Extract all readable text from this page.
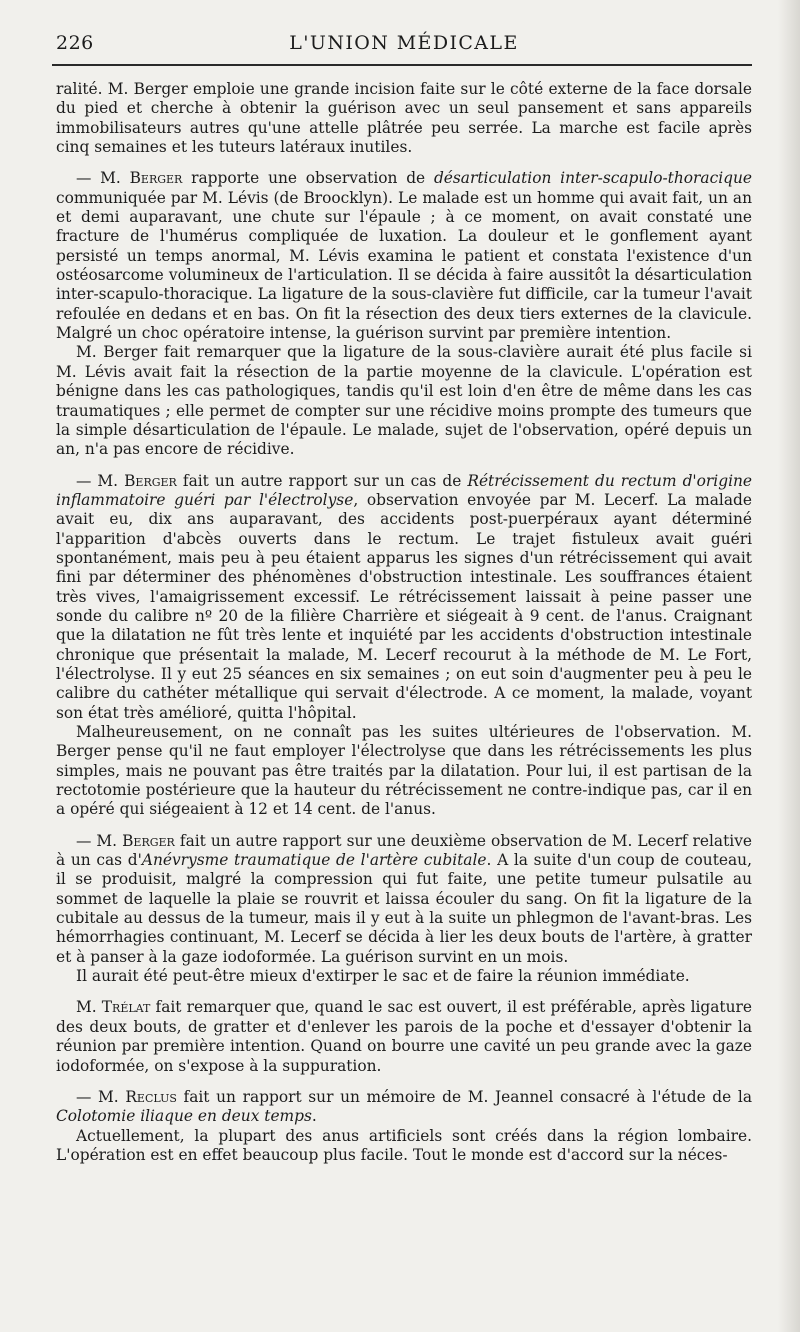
226	L'UNION MÉDICALE

ralité. M. Berger emploie une grande incision faite sur le côté externe de la face dorsale du pied et cherche à obtenir la guérison avec un seul pansement et sans appareils immobilisateurs autres qu'une attelle plâtrée peu serrée. La marche est facile après cinq semaines et les tuteurs latéraux inutiles.

— M. Berger rapporte une observation de désarticulation inter-scapulo-thoracique communiquée par M. Lévis (de Broocklyn). Le malade est un homme qui avait fait, un an et demi auparavant, une chute sur l'épaule ; à ce moment, on avait constaté une fracture de l'humérus compliquée de luxation. La douleur et le gonflement ayant persisté un temps anormal, M. Lévis examina le patient et constata l'existence d'un ostéosarcome volumineux de l'articulation. Il se décida à faire aussitôt la désarticulation inter-scapulo-thoracique. La ligature de la sous-clavière fut difficile, car la tumeur l'avait refoulée en dedans et en bas. On fit la résection des deux tiers externes de la clavicule. Malgré un choc opératoire intense, la guérison survint par première intention.

M. Berger fait remarquer que la ligature de la sous-clavière aurait été plus facile si M. Lévis avait fait la résection de la partie moyenne de la clavicule. L'opération est bénigne dans les cas pathologiques, tandis qu'il est loin d'en être de même dans les cas traumatiques ; elle permet de compter sur une récidive moins prompte des tumeurs que la simple désarticulation de l'épaule. Le malade, sujet de l'observation, opéré depuis un an, n'a pas encore de récidive.

— M. Berger fait un autre rapport sur un cas de Rétrécissement du rectum d'origine inflammatoire guéri par l'électrolyse, observation envoyée par M. Lecerf. La malade avait eu, dix ans auparavant, des accidents post-puerpéraux ayant déterminé l'apparition d'abcès ouverts dans le rectum. Le trajet fistuleux avait guéri spontanément, mais peu à peu étaient apparus les signes d'un rétrécissement qui avait fini par déterminer des phénomènes d'obstruction intestinale. Les souffrances étaient très vives, l'amaigrissement excessif. Le rétrécissement laissait à peine passer une sonde du calibre nº 20 de la filière Charrière et siégeait à 9 cent. de l'anus. Craignant que la dilatation ne fût très lente et inquiété par les accidents d'obstruction intestinale chronique que présentait la malade, M. Lecerf recourut à la méthode de M. Le Fort, l'électrolyse. Il y eut 25 séances en six semaines ; on eut soin d'augmenter peu à peu le calibre du cathéter métallique qui servait d'électrode. A ce moment, la malade, voyant son état très amélioré, quitta l'hôpital.

Malheureusement, on ne connaît pas les suites ultérieures de l'observation. M. Berger pense qu'il ne faut employer l'électrolyse que dans les rétrécissements les plus simples, mais ne pouvant pas être traités par la dilatation. Pour lui, il est partisan de la rectotomie postérieure que la hauteur du rétrécissement ne contre-indique pas, car il en a opéré qui siégeaient à 12 et 14 cent. de l'anus.

— M. Berger fait un autre rapport sur une deuxième observation de M. Lecerf relative à un cas d'Anévrysme traumatique de l'artère cubitale. A la suite d'un coup de couteau, il se produisit, malgré la compression qui fut faite, une petite tumeur pulsatile au sommet de laquelle la plaie se rouvrit et laissa écouler du sang. On fit la ligature de la cubitale au dessus de la tumeur, mais il y eut à la suite un phlegmon de l'avant-bras. Les hémorrhagies continuant, M. Lecerf se décida à lier les deux bouts de l'artère, à gratter et à panser à la gaze iodoformée. La guérison survint en un mois.

Il aurait été peut-être mieux d'extirper le sac et de faire la réunion immédiate.

M. Trélat fait remarquer que, quand le sac est ouvert, il est préférable, après ligature des deux bouts, de gratter et d'enlever les parois de la poche et d'essayer d'obtenir la réunion par première intention. Quand on bourre une cavité un peu grande avec la gaze iodoformée, on s'expose à la suppuration.

— M. Reclus fait un rapport sur un mémoire de M. Jeannel consacré à l'étude de la Colotomie iliaque en deux temps.

Actuellement, la plupart des anus artificiels sont créés dans la région lombaire. L'opération est en effet beaucoup plus facile. Tout le monde est d'accord sur la néces-
